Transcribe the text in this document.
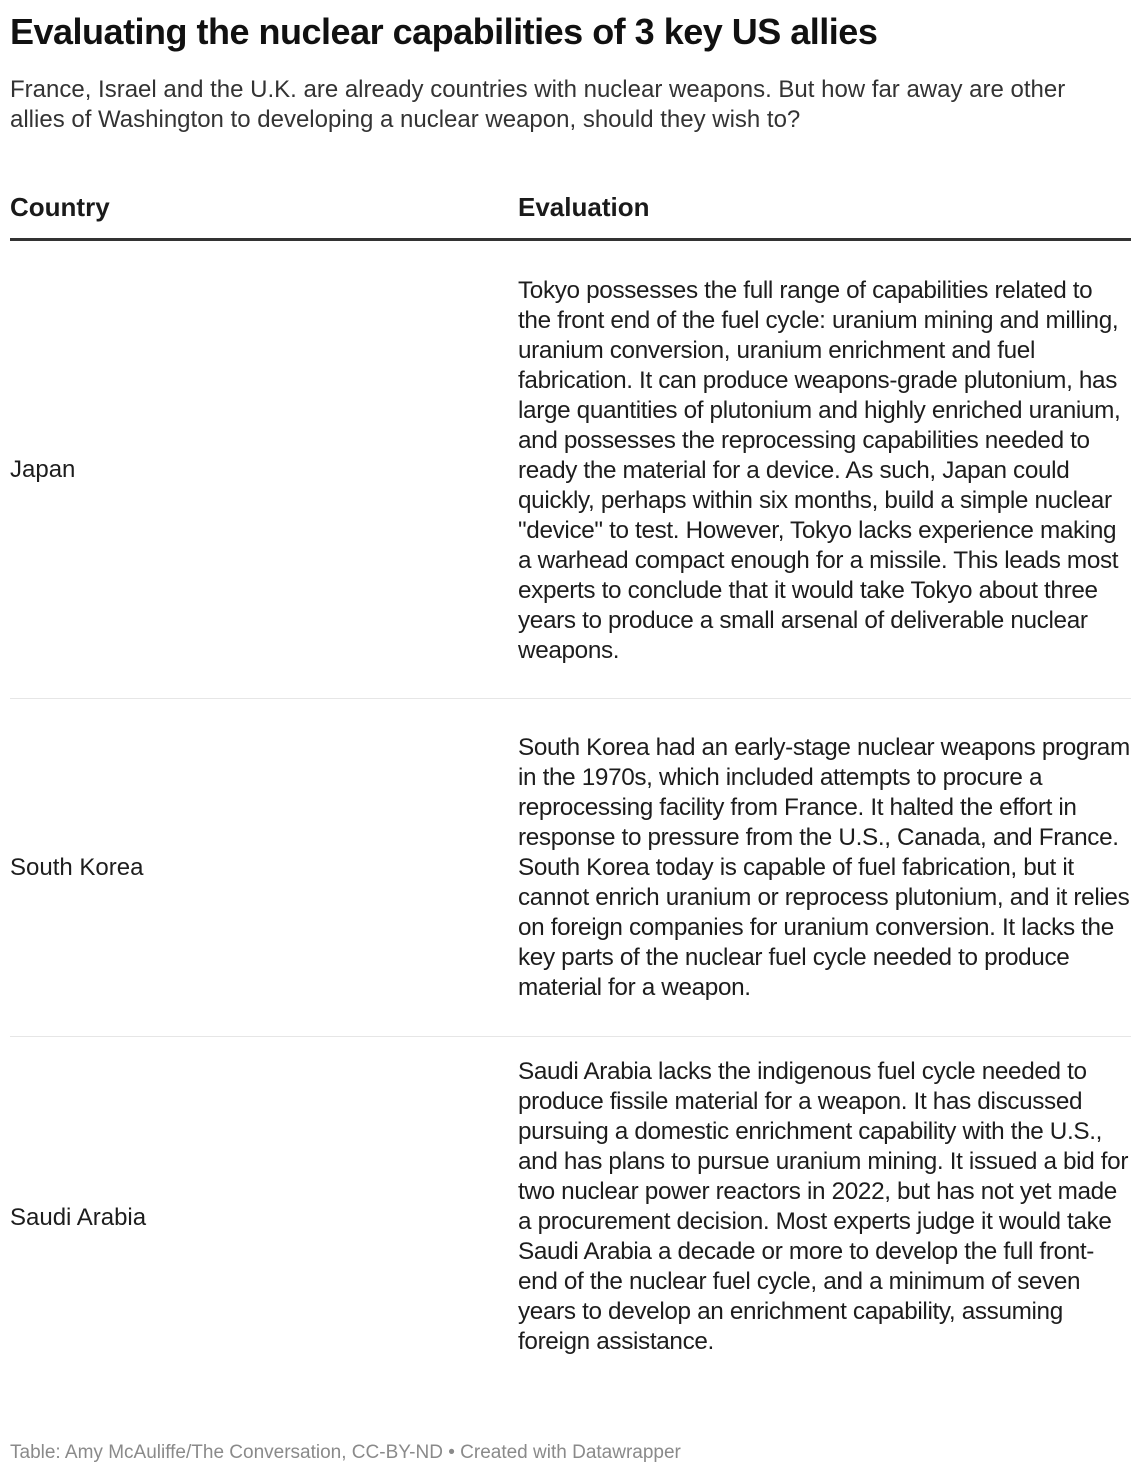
Evaluating the nuclear capabilities of 3 key US allies

France, Israel and the U.K. are already countries with nuclear weapons. But how far away are other allies of Washington to developing a nuclear weapon, should they wish to?

Country	Evaluation
Japan
Tokyo possesses the full range of capabilities related to the front end of the fuel cycle: uranium mining and milling, uranium conversion, uranium enrichment and fuel fabrication. It can produce weapons-grade plutonium, has large quantities of plutonium and highly enriched uranium, and possesses the reprocessing capabilities needed to ready the material for a device. As such, Japan could quickly, perhaps within six months, build a simple nuclear "device" to test. However, Tokyo lacks experience making a warhead compact enough for a missile. This leads most experts to conclude that it would take Tokyo about three years to produce a small arsenal of deliverable nuclear weapons.
South Korea
South Korea had an early-stage nuclear weapons program in the 1970s, which included attempts to procure a reprocessing facility from France. It halted the effort in response to pressure from the U.S., Canada, and France. South Korea today is capable of fuel fabrication, but it cannot enrich uranium or reprocess plutonium, and it relies on foreign companies for uranium conversion. It lacks the key parts of the nuclear fuel cycle needed to produce material for a weapon.
Saudi Arabia
Saudi Arabia lacks the indigenous fuel cycle needed to produce fissile material for a weapon. It has discussed pursuing a domestic enrichment capability with the U.S., and has plans to pursue uranium mining. It issued a bid for two nuclear power reactors in 2022, but has not yet made a procurement decision. Most experts judge it would take Saudi Arabia a decade or more to develop the full front-end of the nuclear fuel cycle, and a minimum of seven years to develop an enrichment capability, assuming foreign assistance.
Table: Amy McAuliffe/The Conversation, CC-BY-ND • Created with Datawrapper
